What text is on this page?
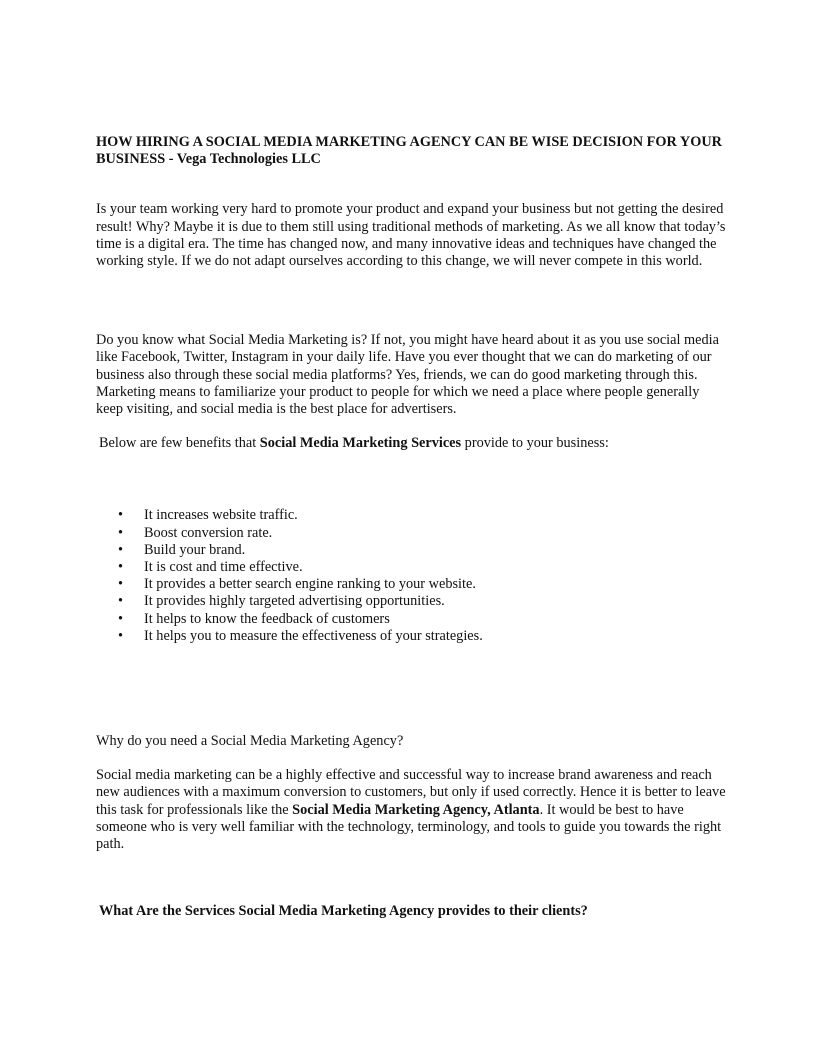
HOW HIRING A SOCIAL MEDIA MARKETING AGENCY CAN BE WISE DECISION FOR YOUR BUSINESS - Vega Technologies LLC

Is your team working very hard to promote your product and expand your business but not getting the desired result! Why? Maybe it is due to them still using traditional methods of marketing. As we all know that today’s time is a digital era. The time has changed now, and many innovative ideas and techniques have changed the working style. If we do not adapt ourselves according to this change, we will never compete in this world.

Do you know what Social Media Marketing is? If not, you might have heard about it as you use social media like Facebook, Twitter, Instagram in your daily life. Have you ever thought that we can do marketing of our business also through these social media platforms? Yes, friends, we can do good marketing through this. Marketing means to familiarize your product to people for which we need a place where people generally keep visiting, and social media is the best place for advertisers.

Below are few benefits that Social Media Marketing Services provide to your business:

• It increases website traffic.
• Boost conversion rate.
• Build your brand.
• It is cost and time effective.
• It provides a better search engine ranking to your website.
• It provides highly targeted advertising opportunities.
• It helps to know the feedback of customers
• It helps you to measure the effectiveness of your strategies.

Why do you need a Social Media Marketing Agency?

Social media marketing can be a highly effective and successful way to increase brand awareness and reach new audiences with a maximum conversion to customers, but only if used correctly. Hence it is better to leave this task for professionals like the Social Media Marketing Agency, Atlanta. It would be best to have someone who is very well familiar with the technology, terminology, and tools to guide you towards the right path.

What Are the Services Social Media Marketing Agency provides to their clients?
